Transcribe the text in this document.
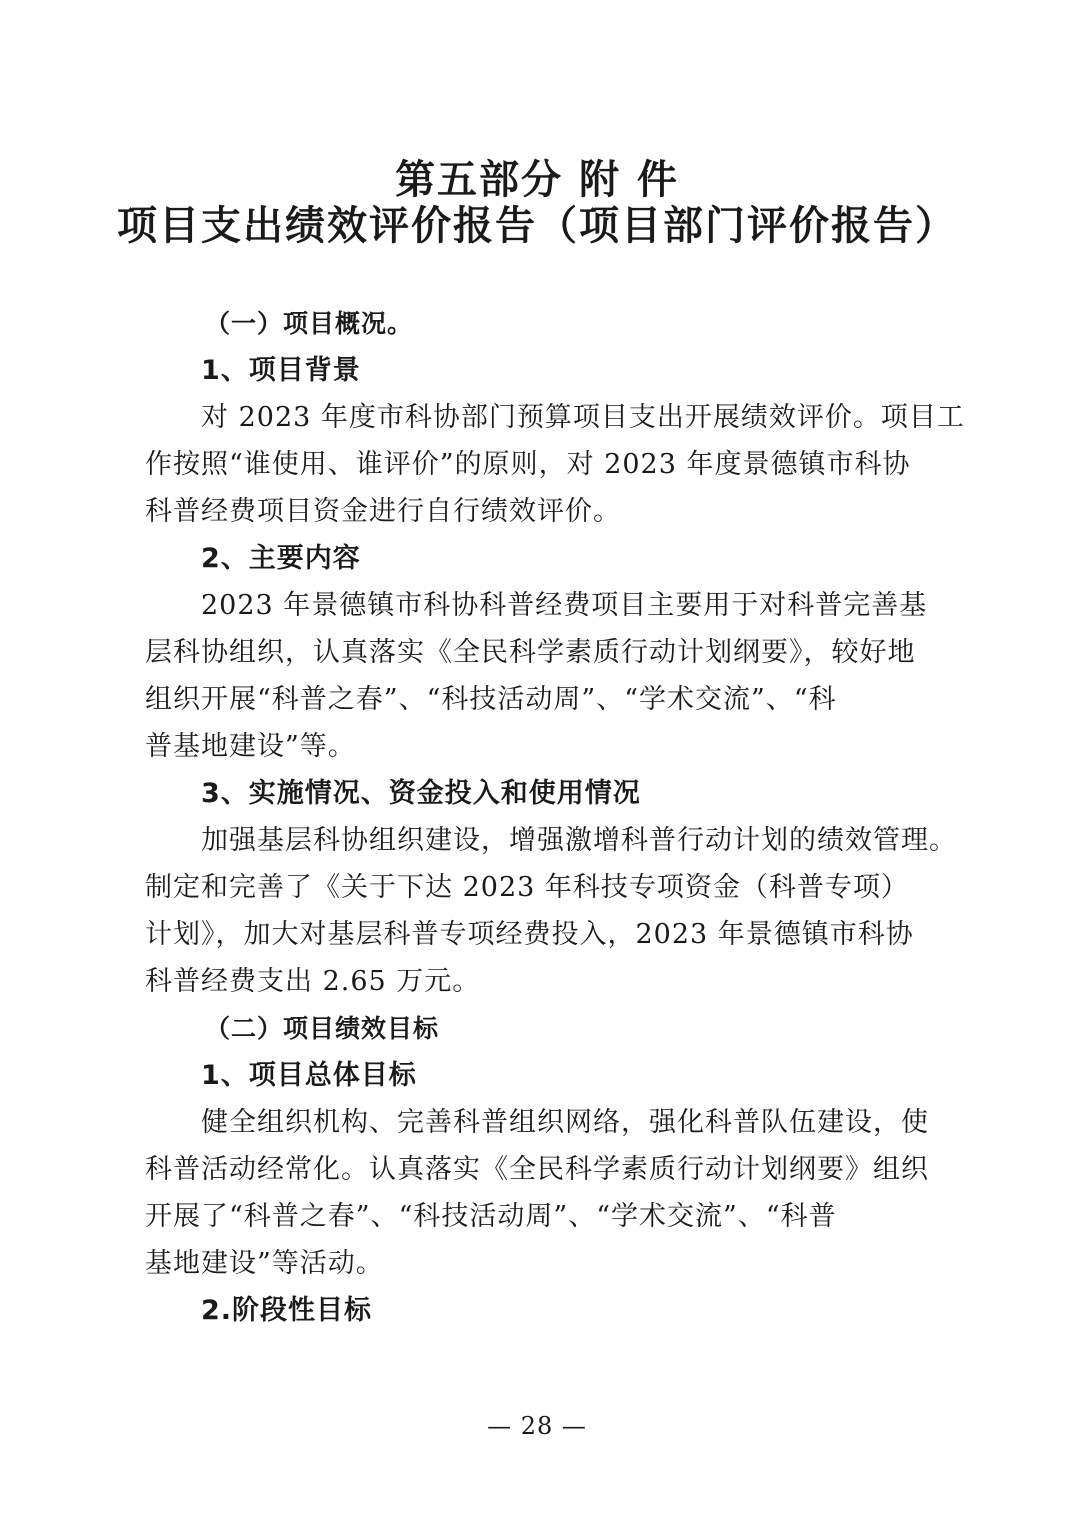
第五部分 附 件
项目支出绩效评价报告（项目部门评价报告）
（一）项目概况。
1、项目背景
对 2023 年度市科协部门预算项目支出开展绩效评价。项目工
作按照“谁使用、谁评价”的原则，对 2023 年度景德镇市科协
科普经费项目资金进行自行绩效评价。
2、主要内容
2023 年景德镇市科协科普经费项目主要用于对科普完善基
层科协组织，认真落实《全民科学素质行动计划纲要》，较好地
组织开展“科普之春”、“科技活动周”、“学术交流”、“科
普基地建设”等。
3、实施情况、资金投入和使用情况
加强基层科协组织建设，增强激增科普行动计划的绩效管理。
制定和完善了《关于下达 2023 年科技专项资金（科普专项）
计划》，加大对基层科普专项经费投入，2023 年景德镇市科协
科普经费支出 2.65 万元。
（二）项目绩效目标
1、项目总体目标
健全组织机构、完善科普组织网络，强化科普队伍建设，使
科普活动经常化。认真落实《全民科学素质行动计划纲要》组织
开展了“科普之春”、“科技活动周”、“学术交流”、“科普
基地建设”等活动。
2.阶段性目标
— 28 —
